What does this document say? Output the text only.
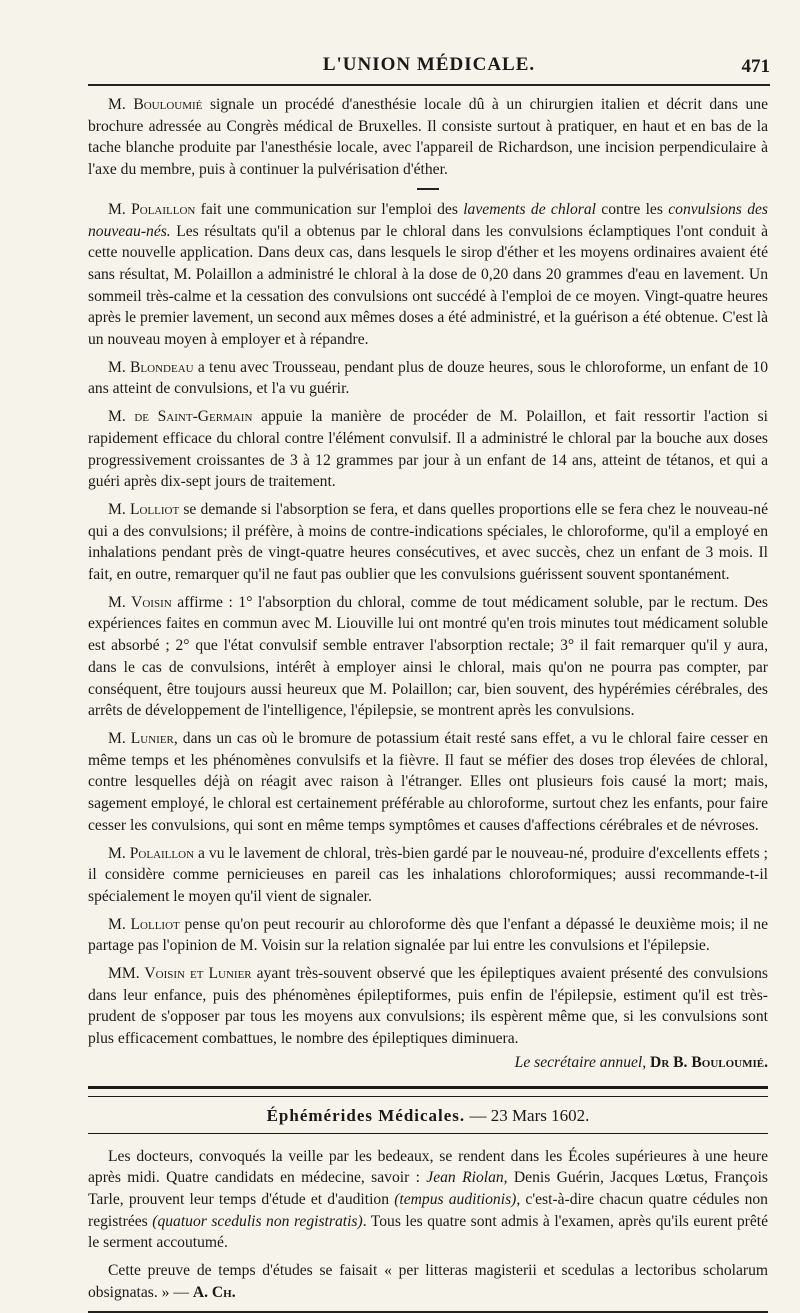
L'UNION MÉDICALE.	471

M. Bouloumié signale un procédé d'anesthésie locale dû à un chirurgien italien et décrit dans une brochure adressée au Congrès médical de Bruxelles. Il consiste surtout à pratiquer, en haut et en bas de la tache blanche produite par l'anesthésie locale, avec l'appareil de Richardson, une incision perpendiculaire à l'axe du membre, puis à continuer la pulvérisation d'éther.

M. Polaillon fait une communication sur l'emploi des lavements de chloral contre les convulsions des nouveau-nés. Les résultats qu'il a obtenus par le chloral dans les convulsions éclamptiques l'ont conduit à cette nouvelle application. Dans deux cas, dans lesquels le sirop d'éther et les moyens ordinaires avaient été sans résultat, M. Polaillon a administré le chloral à la dose de 0,20 dans 20 grammes d'eau en lavement. Un sommeil très-calme et la cessation des convulsions ont succédé à l'emploi de ce moyen. Vingt-quatre heures après le premier lavement, un second aux mêmes doses a été administré, et la guérison a été obtenue. C'est là un nouveau moyen à employer et à répandre.

M. Blondeau a tenu avec Trousseau, pendant plus de douze heures, sous le chloroforme, un enfant de 10 ans atteint de convulsions, et l'a vu guérir.

M. de Saint-Germain appuie la manière de procéder de M. Polaillon, et fait ressortir l'action si rapidement efficace du chloral contre l'élément convulsif. Il a administré le chloral par la bouche aux doses progressivement croissantes de 3 à 12 grammes par jour à un enfant de 14 ans, atteint de tétanos, et qui a guéri après dix-sept jours de traitement.

M. Lolliot se demande si l'absorption se fera, et dans quelles proportions elle se fera chez le nouveau-né qui a des convulsions; il préfère, à moins de contre-indications spéciales, le chloroforme, qu'il a employé en inhalations pendant près de vingt-quatre heures consécutives, et avec succès, chez un enfant de 3 mois. Il fait, en outre, remarquer qu'il ne faut pas oublier que les convulsions guérissent souvent spontanément.

M. Voisin affirme : 1° l'absorption du chloral, comme de tout médicament soluble, par le rectum. Des expériences faites en commun avec M. Liouville lui ont montré qu'en trois minutes tout médicament soluble est absorbé ; 2° que l'état convulsif semble entraver l'absorption rectale; 3° il fait remarquer qu'il y aura, dans le cas de convulsions, intérêt à employer ainsi le chloral, mais qu'on ne pourra pas compter, par conséquent, être toujours aussi heureux que M. Polaillon; car, bien souvent, des hypérémies cérébrales, des arrêts de développement de l'intelligence, l'épilepsie, se montrent après les convulsions.

M. Lunier, dans un cas où le bromure de potassium était resté sans effet, a vu le chloral faire cesser en même temps et les phénomènes convulsifs et la fièvre. Il faut se méfier des doses trop élevées de chloral, contre lesquelles déjà on réagit avec raison à l'étranger. Elles ont plusieurs fois causé la mort; mais, sagement employé, le chloral est certainement préférable au chloroforme, surtout chez les enfants, pour faire cesser les convulsions, qui sont en même temps symptômes et causes d'affections cérébrales et de névroses.

M. Polaillon a vu le lavement de chloral, très-bien gardé par le nouveau-né, produire d'excellents effets ; il considère comme pernicieuses en pareil cas les inhalations chloroformiques; aussi recommande-t-il spécialement le moyen qu'il vient de signaler.

M. Lolliot pense qu'on peut recourir au chloroforme dès que l'enfant a dépassé le deuxième mois; il ne partage pas l'opinion de M. Voisin sur la relation signalée par lui entre les convulsions et l'épilepsie.

MM. Voisin et Lunier ayant très-souvent observé que les épileptiques avaient présenté des convulsions dans leur enfance, puis des phénomènes épileptiformes, puis enfin de l'épilepsie, estiment qu'il est très-prudent de s'opposer par tous les moyens aux convulsions; ils espèrent même que, si les convulsions sont plus efficacement combattues, le nombre des épileptiques diminuera.

Le secrétaire annuel, Dr B. Bouloumié.
Éphémérides Médicales. — 23 Mars 1602.

Les docteurs, convoqués la veille par les bedeaux, se rendent dans les Écoles supérieures à une heure après midi. Quatre candidats en médecine, savoir : Jean Riolan, Denis Guérin, Jacques Lœtus, François Tarle, prouvent leur temps d'étude et d'audition (tempus auditionis), c'est-à-dire chacun quatre cédules non registrées (quatuor scedulis non registratis). Tous les quatre sont admis à l'examen, après qu'ils eurent prêté le serment accoutumé.

Cette preuve de temps d'études se faisait « per litteras magisterii et scedulas a lectoribus scholarum obsignatas. » — A. Ch.
